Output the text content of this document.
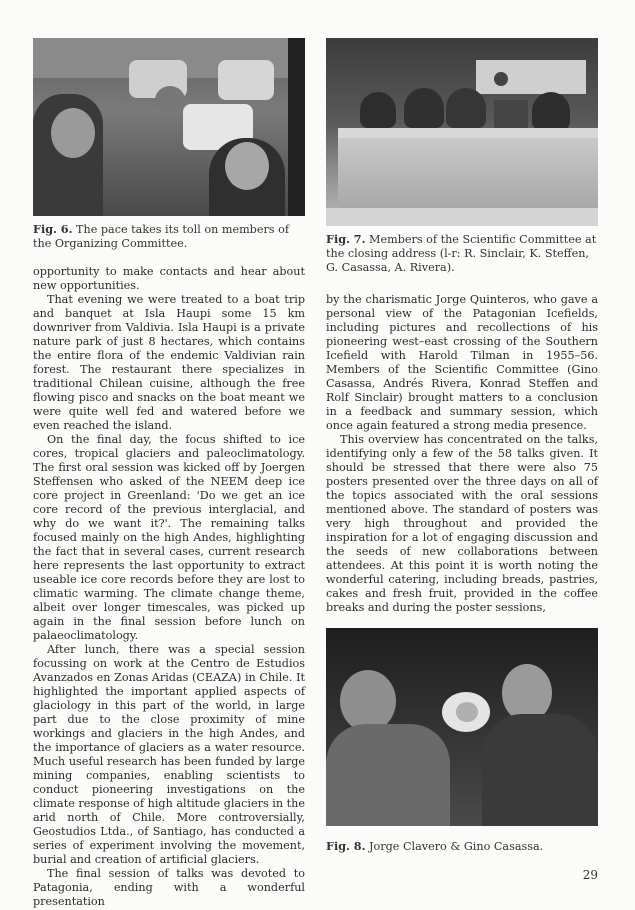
Fig. 6. The pace takes its toll on members of the Organizing Committee.

opportunity to make contacts and hear about new opportunities.

That evening we were treated to a boat trip and banquet at Isla Haupi some 15 km downriver from Valdivia. Isla Haupi is a private nature park of just 8 hectares, which contains the entire flora of the endemic Valdivian rain forest. The restaurant there specializes in traditional Chilean cuisine, although the free flowing pisco and snacks on the boat meant we were quite well fed and watered before we even reached the island.

On the final day, the focus shifted to ice cores, tropical glaciers and paleoclimatology. The first oral session was kicked off by Joergen Steffensen who asked of the NEEM deep ice core project in Greenland: 'Do we get an ice core record of the previous interglacial, and why do we want it?'. The remaining talks focused mainly on the high Andes, highlighting the fact that in several cases, current research here represents the last opportunity to extract useable ice core records before they are lost to climatic warming. The climate change theme, albeit over longer timescales, was picked up again in the final session before lunch on palaeoclimatology.

After lunch, there was a special session focussing on work at the Centro de Estudios Avanzados en Zonas Aridas (CEAZA) in Chile. It highlighted the important applied aspects of glaciology in this part of the world, in large part due to the close proximity of mine workings and glaciers in the high Andes, and the importance of glaciers as a water resource. Much useful research has been funded by large mining companies, enabling scientists to conduct pioneering investigations on the climate response of high altitude glaciers in the arid north of Chile. More controversially, Geostudios Ltda., of Santiago, has conducted a series of experiment involving the movement, burial and creation of artificial glaciers.

The final session of talks was devoted to Patagonia, ending with a wonderful presentation

Fig. 7. Members of the Scientific Committee at the closing address (l-r: R. Sinclair, K. Steffen, G. Casassa, A. Rivera).

by the charismatic Jorge Quinteros, who gave a personal view of the Patagonian Icefields, including pictures and recollections of his pioneering west–east crossing of the Southern Icefield with Harold Tilman in 1955–56. Members of the Scientific Committee (Gino Casassa, Andrés Rivera, Konrad Steffen and Rolf Sinclair) brought matters to a conclusion in a feedback and summary session, which once again featured a strong media presence.

This overview has concentrated on the talks, identifying only a few of the 58 talks given. It should be stressed that there were also 75 posters presented over the three days on all of the topics associated with the oral sessions mentioned above. The standard of posters was very high throughout and provided the inspiration for a lot of engaging discussion and the seeds of new collaborations between attendees. At this point it is worth noting the wonderful catering, including breads, pastries, cakes and fresh fruit, provided in the coffee breaks and during the poster sessions,

Fig. 8. Jorge Clavero & Gino Casassa.
29
